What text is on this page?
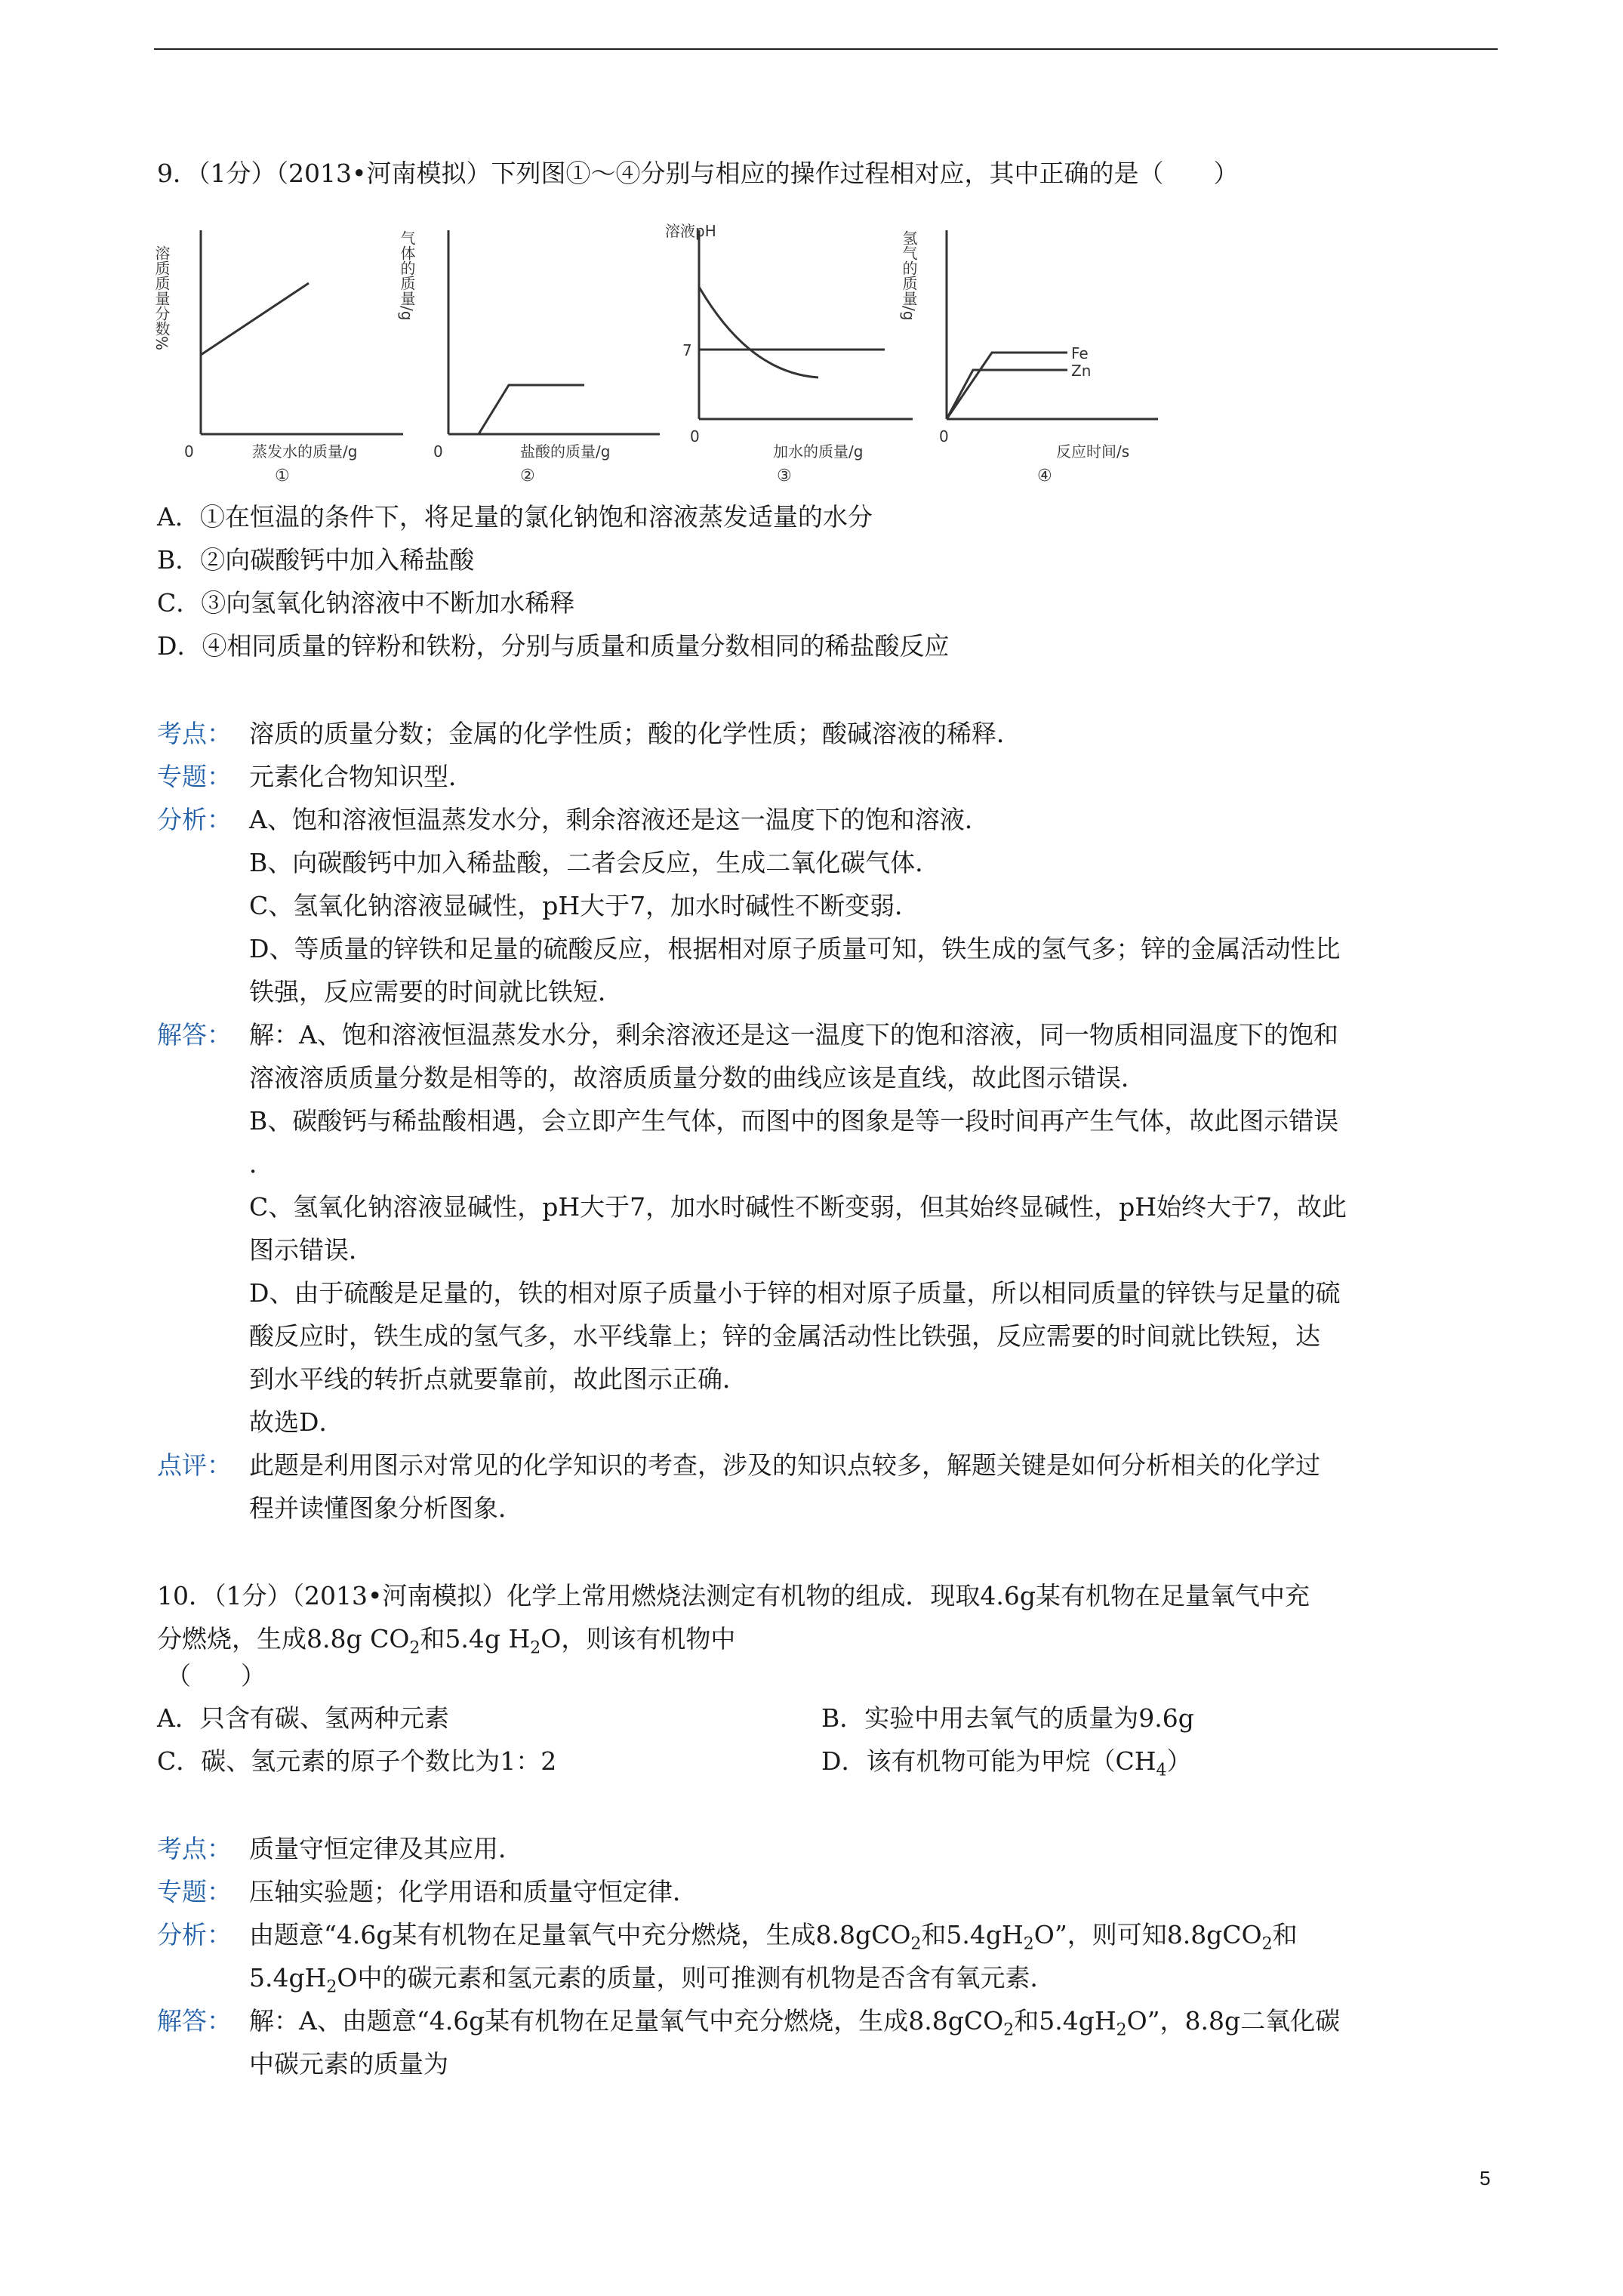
9．（1分）（2013•河南模拟）下列图①～④分别与相应的操作过程相对应，其中正确的是（　　）
溶质质量分数%
0	蒸发水的质量/g
①
气体的质量/g
0	盐酸的质量/g
②
溶液pH
7
0
加水的质量/g
③
氢气的质量/g
Fe
Zn
0
反应时间/s
④
A．①在恒温的条件下，将足量的氯化钠饱和溶液蒸发适量的水分
B．②向碳酸钙中加入稀盐酸
C．③向氢氧化钠溶液中不断加水稀释
D．④相同质量的锌粉和铁粉，分别与质量和质量分数相同的稀盐酸反应
考点： 溶质的质量分数；金属的化学性质；酸的化学性质；酸碱溶液的稀释．
专题： 元素化合物知识型．
分析： A、饱和溶液恒温蒸发水分，剩余溶液还是这一温度下的饱和溶液．
B、向碳酸钙中加入稀盐酸，二者会反应，生成二氧化碳气体．
C、氢氧化钠溶液显碱性，pH大于7，加水时碱性不断变弱．
D、等质量的锌铁和足量的硫酸反应，根据相对原子质量可知，铁生成的氢气多；锌的金属活动性比
铁强，反应需要的时间就比铁短．
解答： 解：A、饱和溶液恒温蒸发水分，剩余溶液还是这一温度下的饱和溶液，同一物质相同温度下的饱和
溶液溶质质量分数是相等的，故溶质质量分数的曲线应该是直线，故此图示错误．
B、碳酸钙与稀盐酸相遇，会立即产生气体，而图中的图象是等一段时间再产生气体，故此图示错误
．
C、氢氧化钠溶液显碱性，pH大于7，加水时碱性不断变弱，但其始终显碱性，pH始终大于7，故此
图示错误．
D、由于硫酸是足量的，铁的相对原子质量小于锌的相对原子质量，所以相同质量的锌铁与足量的硫
酸反应时，铁生成的氢气多，水平线靠上；锌的金属活动性比铁强，反应需要的时间就比铁短，达
到水平线的转折点就要靠前，故此图示正确．
故选D．
点评： 此题是利用图示对常见的化学知识的考查，涉及的知识点较多，解题关键是如何分析相关的化学过
程并读懂图象分析图象．
10．（1分）（2013•河南模拟）化学上常用燃烧法测定有机物的组成．现取4.6g某有机物在足量氧气中充
分燃烧，生成8.8g $CO_2$和5.4g $H_2O$，则该有机物中
（　　）
A．只含有碳、氢两种元素	B．实验中用去氧气的质量为9.6g
C．碳、氢元素的原子个数比为1：2	D．该有机物可能为甲烷$(CH_4)$
考点： 质量守恒定律及其应用．
专题： 压轴实验题；化学用语和质量守恒定律．
分析： 由题意“4.6g某有机物在足量氧气中充分燃烧，生成8.8gCO$_2$和$5.4gH_2O$”，则可知8.8gCO$_2$和
$5.4gH_2O$中的碳元素和氢元素的质量，则可推测有机物是否含有氧元素．
解答： 解：A、由题意“4.6g某有机物在足量氧气中充分燃烧，生成8.8gCO$_2$和$5.4gH_2O$”，8.8g二氧化碳
中碳元素的质量为
5
